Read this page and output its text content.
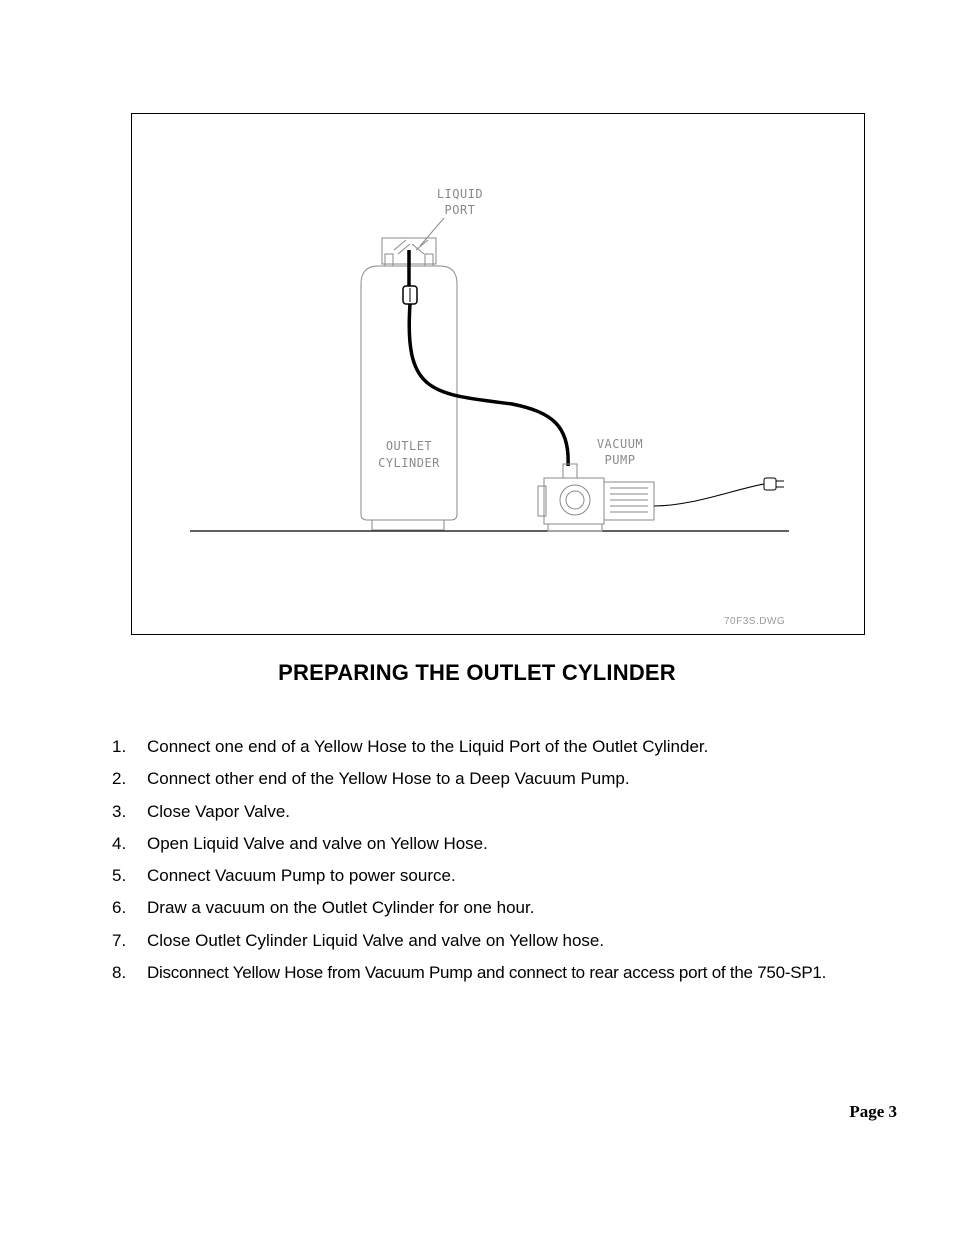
LIQUID
PORT
OUTLET
CYLINDER
VACUUM
PUMP
70F3S.DWG
PREPARING THE OUTLET CYLINDER
1.	Connect one end of a Yellow Hose to the Liquid Port of the Outlet Cylinder.
2.	Connect other end of the Yellow Hose to a Deep Vacuum Pump.
3.	Close Vapor Valve.
4.	Open Liquid Valve and valve on Yellow Hose.
5.	Connect Vacuum Pump to power source.
6.	Draw a vacuum on the Outlet Cylinder for one hour.
7.	Close Outlet Cylinder Liquid Valve and valve on Yellow hose.
8.	Disconnect Yellow Hose from Vacuum Pump and connect to rear access port of the 750-SP1.
Page 3
